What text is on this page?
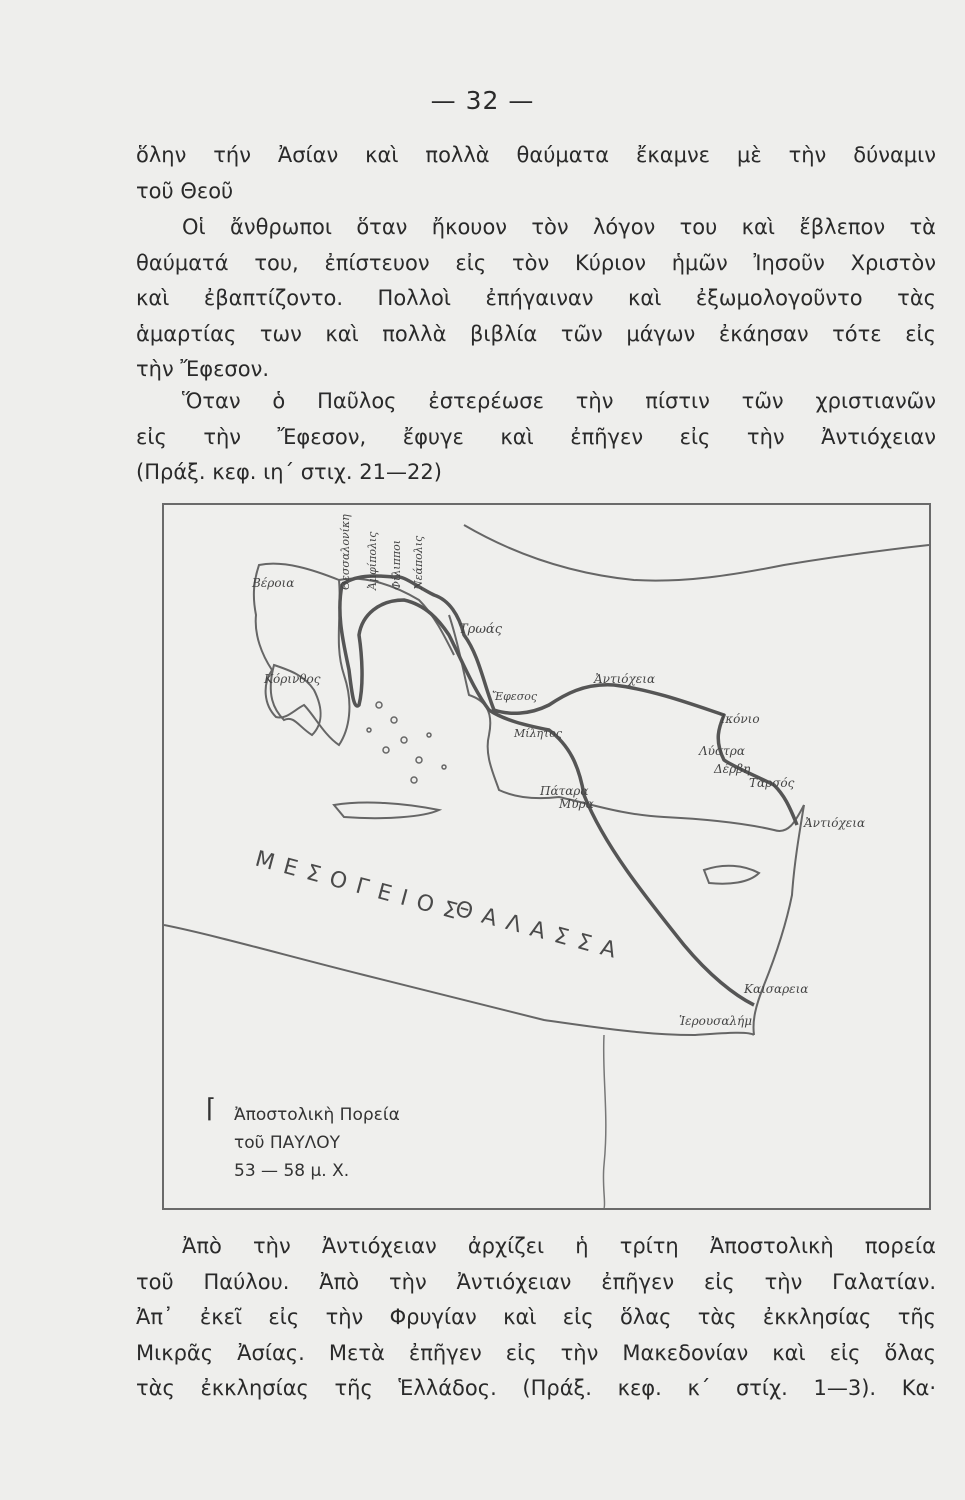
— 32 —
ὅλην τήν Ἀσίαν καὶ πολλὰ θαύματα ἔκαμνε μὲ τὴν δύναμιν
τοῦ Θεοῦ
Οἱ ἄνθρωποι ὅταν ἤκουον τὸν λόγον του καὶ ἔβλεπον τὰ
θαύματά του, ἐπίστευον εἰς τὸν Κύριον ἡμῶν Ἰησοῦν Χριστὸν
καὶ ἐβαπτίζοντο. Πολλοὶ ἐπήγαιναν καὶ ἐξωμολογοῦντο τὰς
ἁμαρτίας των καὶ πολλὰ βιβλία τῶν μάγων ἐκάησαν τότε εἰς
τὴν Ἔφεσον.
Ὅταν ὁ Παῦλος ἐστερέωσε τὴν πίστιν τῶν χριστιανῶν
εἰς τὴν Ἔφεσον, ἔφυγε καὶ ἐπῆγεν εἰς τὴν Ἀντιόχειαν
(Πράξ. κεφ. ιη΄ στιχ. 21—22)
Τρωάς
Ἀντιόχεια
Ἰκόνιο
Λύστρα
Δέρβη
Ταρσός
Ἀντιόχεια
Πάταρα
Μύρα
Καισαρεια
Ἱερουσαλήμ
Βέροια
Κόρινθος
Ἔφεσος
Μίλητος
Θεσσαλονίκη Ἀμφίπολις Φίλιπποι Νεάπολις
ΜΕΣΟΓΕΙΟΣ
ΘΑΛΑΣΣΑ
⌈ Ἀποστολικὴ Πορεία
τοῦ ΠΑΥΛΟΥ
53 — 58 μ. Χ.
Ἀπὸ τὴν Ἀντιόχειαν ἀρχίζει ἡ τρίτη Ἀποστολικὴ πορεία
τοῦ Παύλου. Ἀπὸ τὴν Ἀντιόχειαν ἐπῆγεν εἰς τὴν Γαλατίαν.
Ἀπ᾽ ἐκεῖ εἰς τὴν Φρυγίαν καὶ εἰς ὅλας τὰς ἐκκλησίας τῆς
Μικρᾶς Ἀσίας. Μετὰ ἐπῆγεν εἰς τὴν Μακεδονίαν καὶ εἰς ὅλας
τὰς ἐκκλησίας τῆς Ἑλλάδος. (Πράξ. κεφ. κ΄ στίχ. 1—3). Κα·
